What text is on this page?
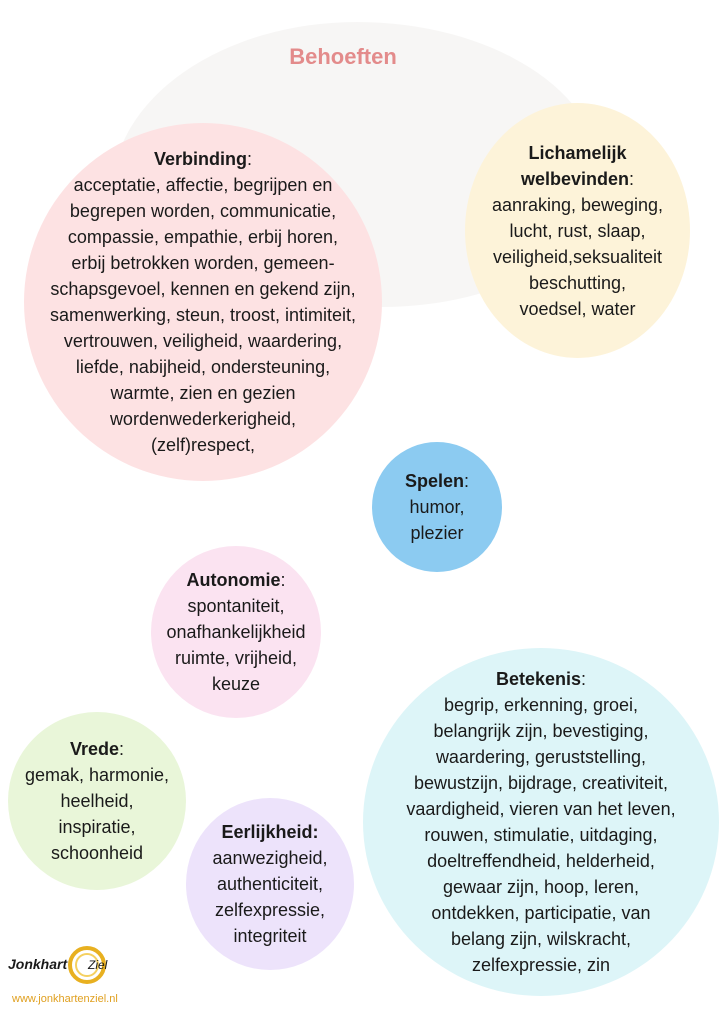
Behoeften
Verbinding:
acceptatie, affectie, begrijpen en
begrepen worden, communicatie,
compassie, empathie, erbij horen,
erbij betrokken worden, gemeen-
schapsgevoel, kennen en gekend zijn,
samenwerking, steun, troost, intimiteit,
vertrouwen, veiligheid, waardering,
liefde, nabijheid, ondersteuning,
warmte, zien en gezien
wordenwederkerigheid,
(zelf)respect,
Lichamelijk
welbevinden:
aanraking, beweging,
lucht, rust, slaap,
veiligheid,seksualiteit
beschutting,
voedsel, water
Spelen:
humor,
plezier
Autonomie:
spontaniteit,
onafhankelijkheid
ruimte, vrijheid,
keuze
Vrede:
gemak, harmonie,
heelheid,
inspiratie,
schoonheid
Eerlijkheid:
aanwezigheid,
authenticiteit,
zelfexpressie,
integriteit
Betekenis:
begrip, erkenning, groei,
belangrijk zijn, bevestiging,
waardering, geruststelling,
bewustzijn, bijdrage, creativiteit,
vaardigheid, vieren van het leven,
rouwen, stimulatie, uitdaging,
doeltreffendheid, helderheid,
gewaar zijn, hoop, leren,
ontdekken, participatie, van
belang zijn, wilskracht,
zelfexpressie, zin
Jonkhart Ziel
www.jonkhartenziel.nl
